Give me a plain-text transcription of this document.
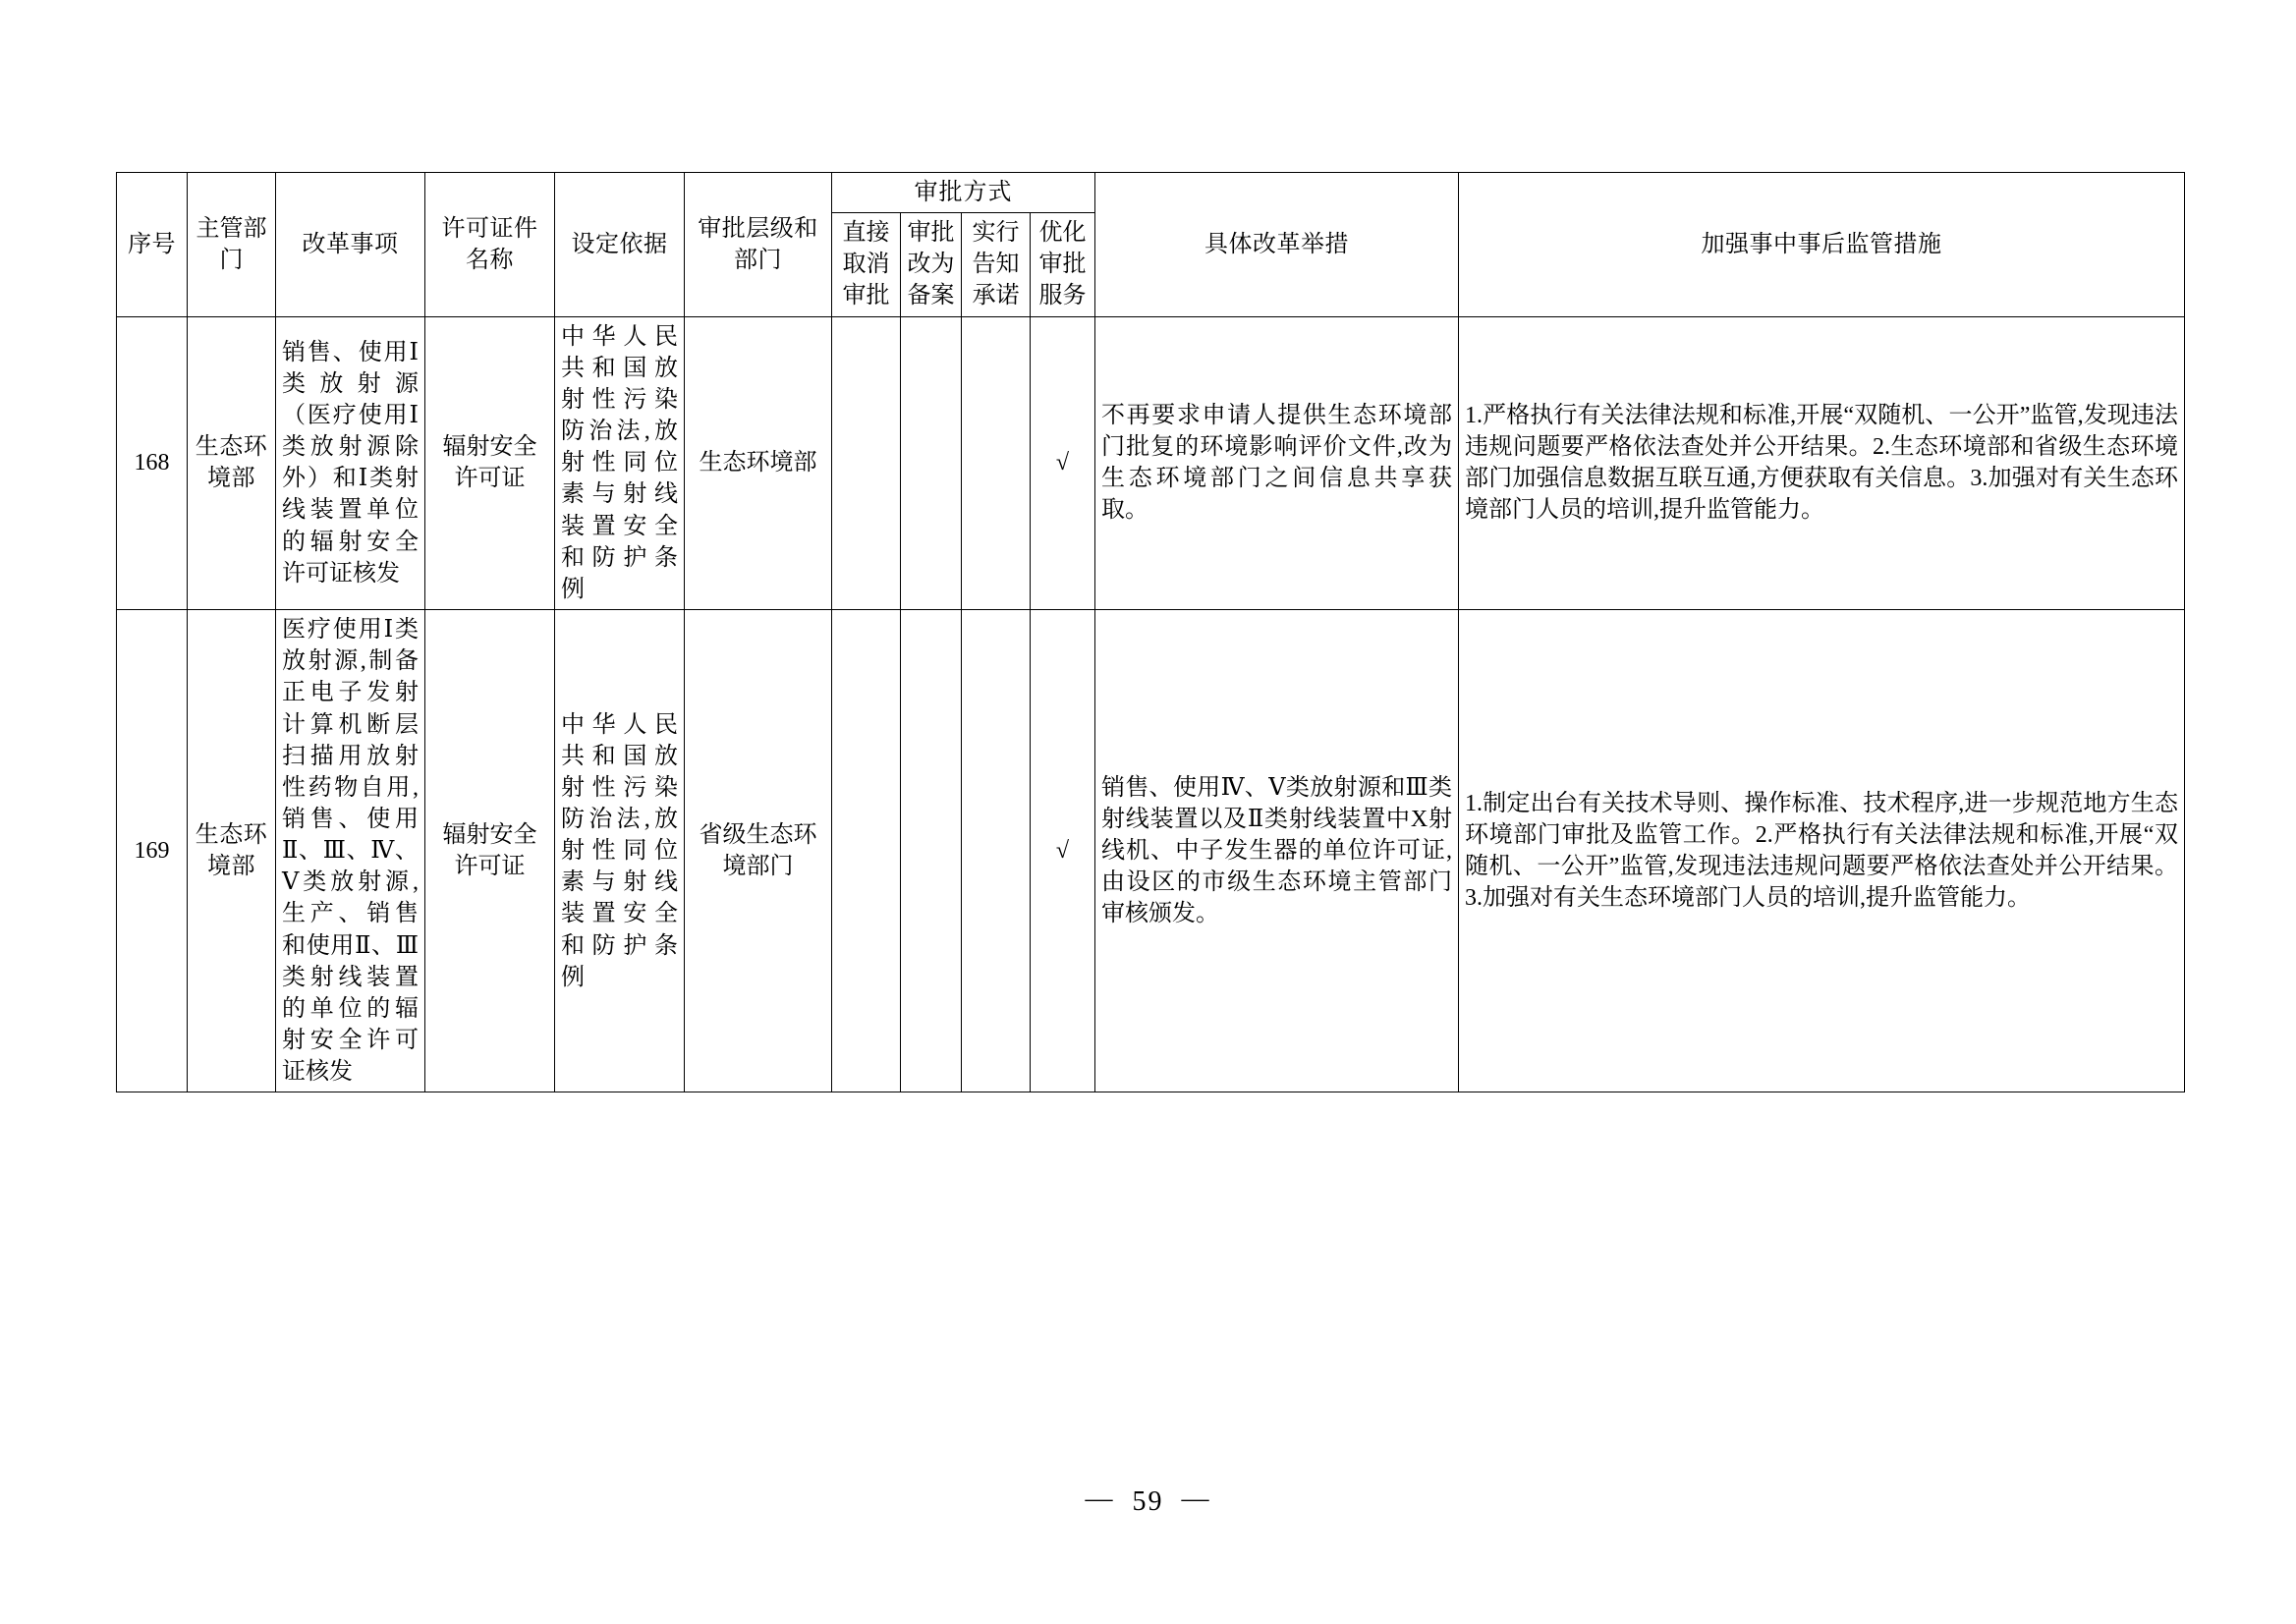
序号	主管部门	改革事项	许可证件名称	设定依据	审批层级和部门	审批方式				具体改革举措	加强事中事后监管措施
						直接取消审批	审批改为备案	实行告知承诺	优化审批服务		
168	生态环境部	销售、使用Ⅰ类放射源（医疗使用Ⅰ类放射源除外）和Ⅰ类射线装置单位的辐射安全许可证核发	辐射安全许可证	中华人民共和国放射性污染防治法,放射性同位素与射线装置安全和防护条例	生态环境部				√	不再要求申请人提供生态环境部门批复的环境影响评价文件,改为生态环境部门之间信息共享获取。	1.严格执行有关法律法规和标准,开展“双随机、一公开”监管,发现违法违规问题要严格依法查处并公开结果。2.生态环境部和省级生态环境部门加强信息数据互联互通,方便获取有关信息。3.加强对有关生态环境部门人员的培训,提升监管能力。
169	生态环境部	医疗使用Ⅰ类放射源,制备正电子发射计算机断层扫描用放射性药物自用,销售、使用Ⅱ、Ⅲ、Ⅳ、Ⅴ类放射源,生产、销售和使用Ⅱ、Ⅲ类射线装置的单位的辐射安全许可证核发	辐射安全许可证	中华人民共和国放射性污染防治法,放射性同位素与射线装置安全和防护条例	省级生态环境部门				√	销售、使用Ⅳ、Ⅴ类放射源和Ⅲ类射线装置以及Ⅱ类射线装置中X射线机、中子发生器的单位许可证,由设区的市级生态环境主管部门审核颁发。	1.制定出台有关技术导则、操作标准、技术程序,进一步规范地方生态环境部门审批及监管工作。2.严格执行有关法律法规和标准,开展“双随机、一公开”监管,发现违法违规问题要严格依法查处并公开结果。3.加强对有关生态环境部门人员的培训,提升监管能力。
— 59 —
